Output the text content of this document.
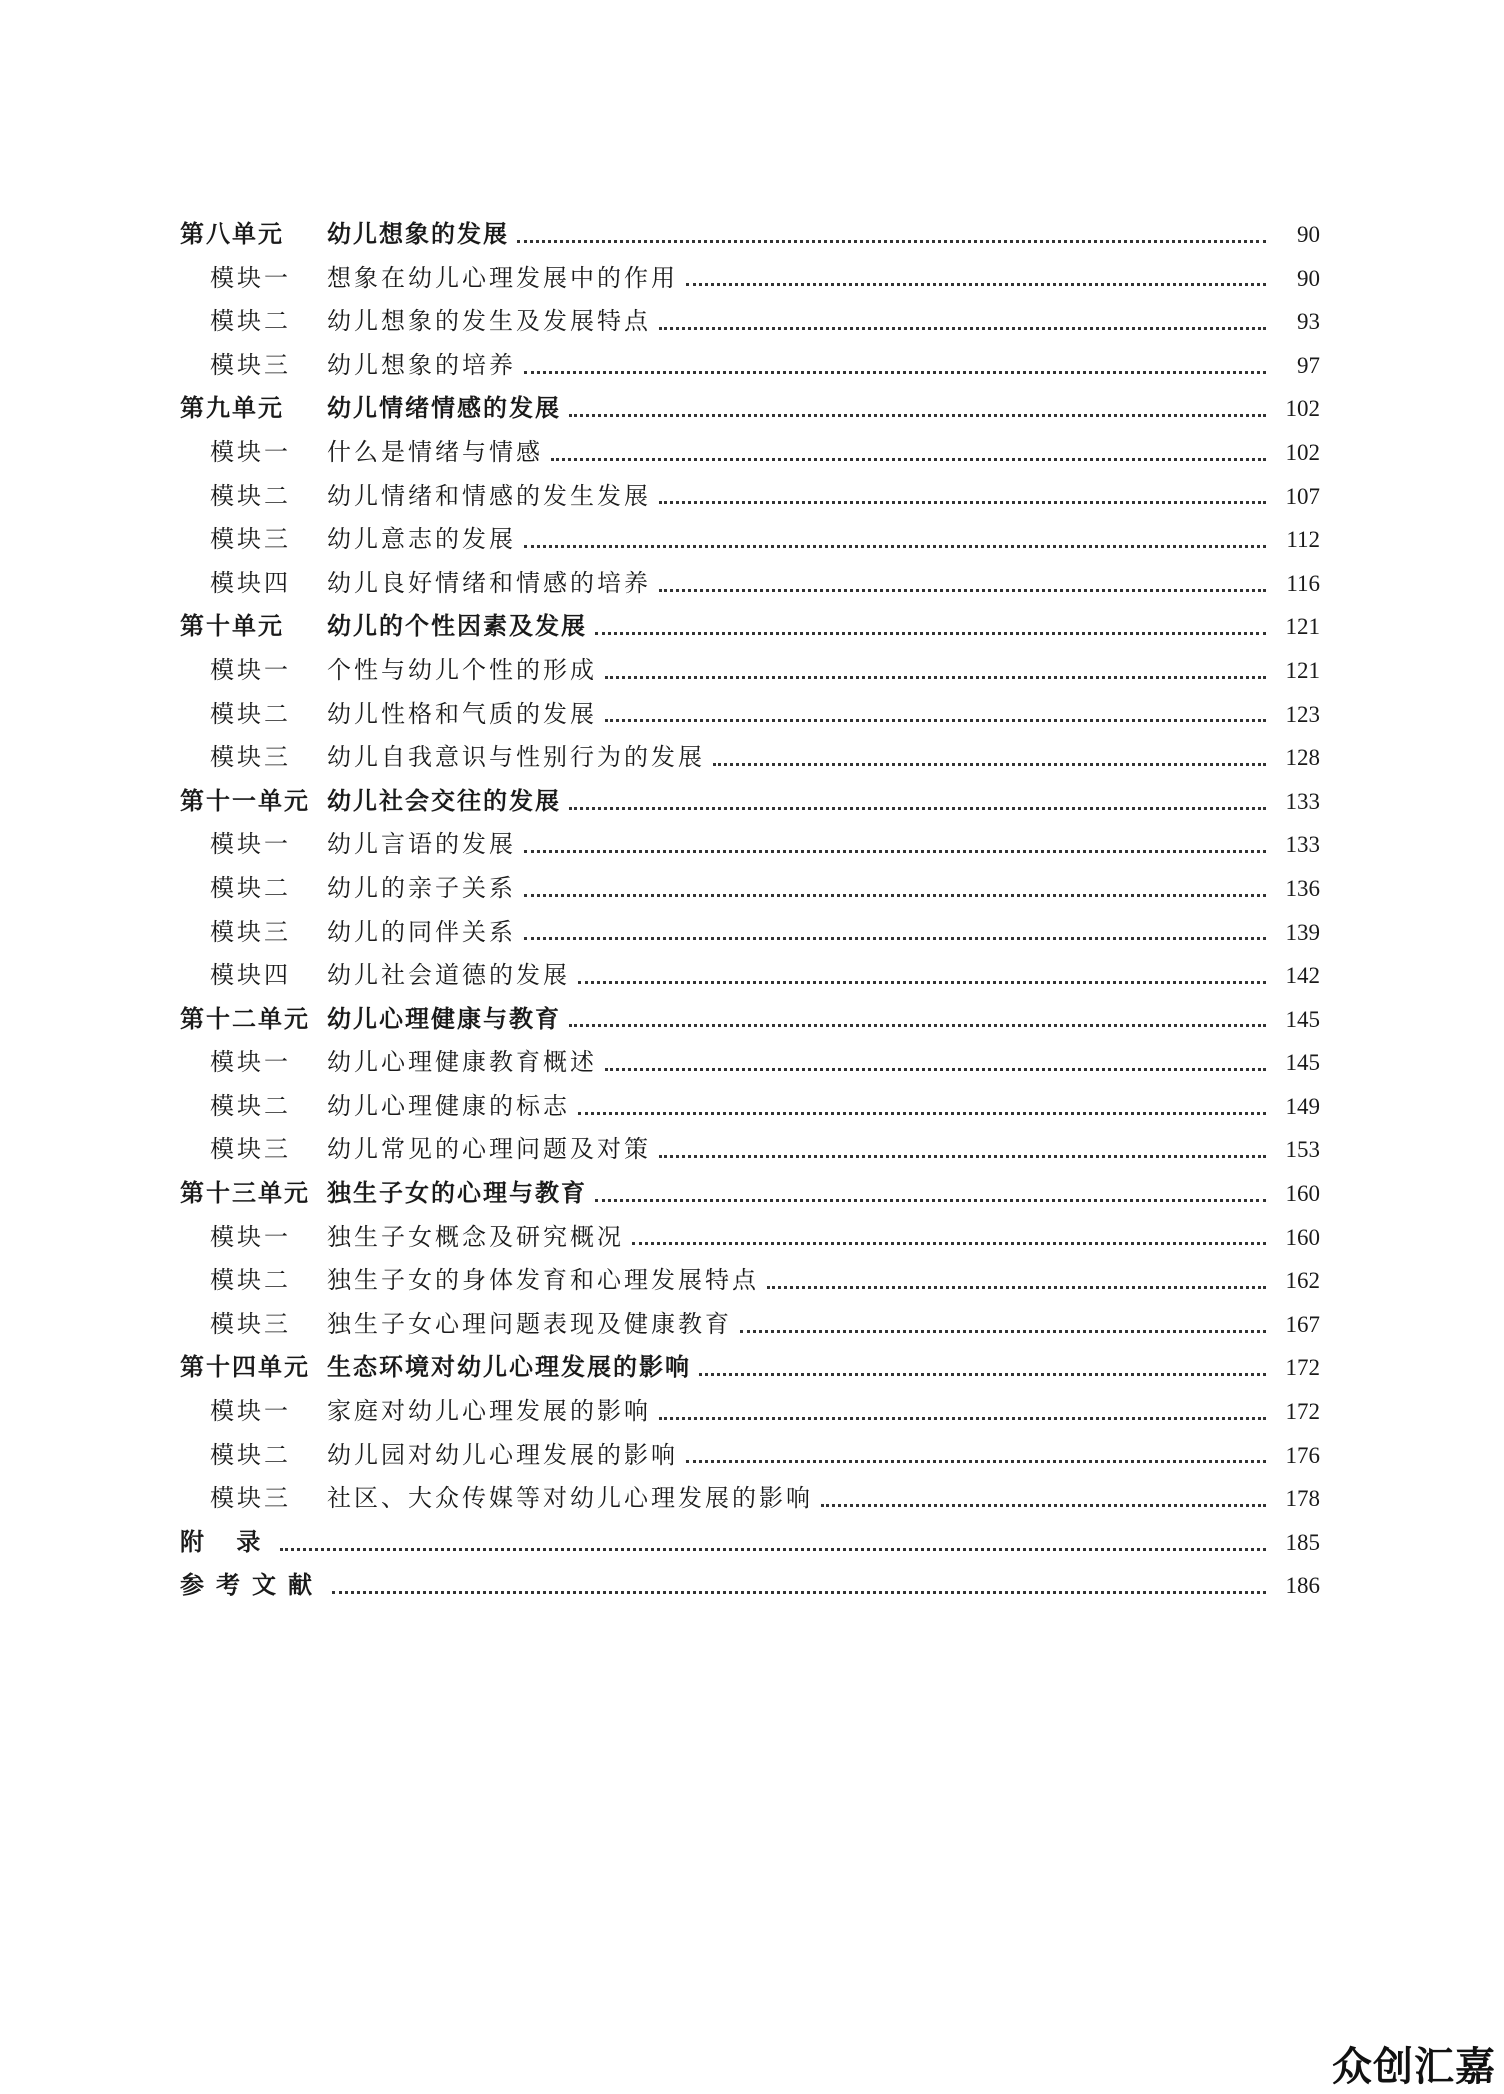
第八单元	幼儿想象的发展	90
模块一	想象在幼儿心理发展中的作用	90
模块二	幼儿想象的发生及发展特点	93
模块三	幼儿想象的培养	97
第九单元	幼儿情绪情感的发展	102
模块一	什么是情绪与情感	102
模块二	幼儿情绪和情感的发生发展	107
模块三	幼儿意志的发展	112
模块四	幼儿良好情绪和情感的培养	116
第十单元	幼儿的个性因素及发展	121
模块一	个性与幼儿个性的形成	121
模块二	幼儿性格和气质的发展	123
模块三	幼儿自我意识与性别行为的发展	128
第十一单元 幼儿社会交往的发展	133
模块一	幼儿言语的发展	133
模块二	幼儿的亲子关系	136
模块三	幼儿的同伴关系	139
模块四	幼儿社会道德的发展	142
第十二单元 幼儿心理健康与教育	145
模块一	幼儿心理健康教育概述	145
模块二	幼儿心理健康的标志	149
模块三	幼儿常见的心理问题及对策	153
第十三单元 独生子女的心理与教育	160
模块一	独生子女概念及研究概况	160
模块二	独生子女的身体发育和心理发展特点	162
模块三	独生子女心理问题表现及健康教育	167
第十四单元 生态环境对幼儿心理发展的影响	172
模块一	家庭对幼儿心理发展的影响	172
模块二	幼儿园对幼儿心理发展的影响	176
模块三	社区、大众传媒等对幼儿心理发展的影响	178
附 录	185
参考文献	186
众创汇嘉
